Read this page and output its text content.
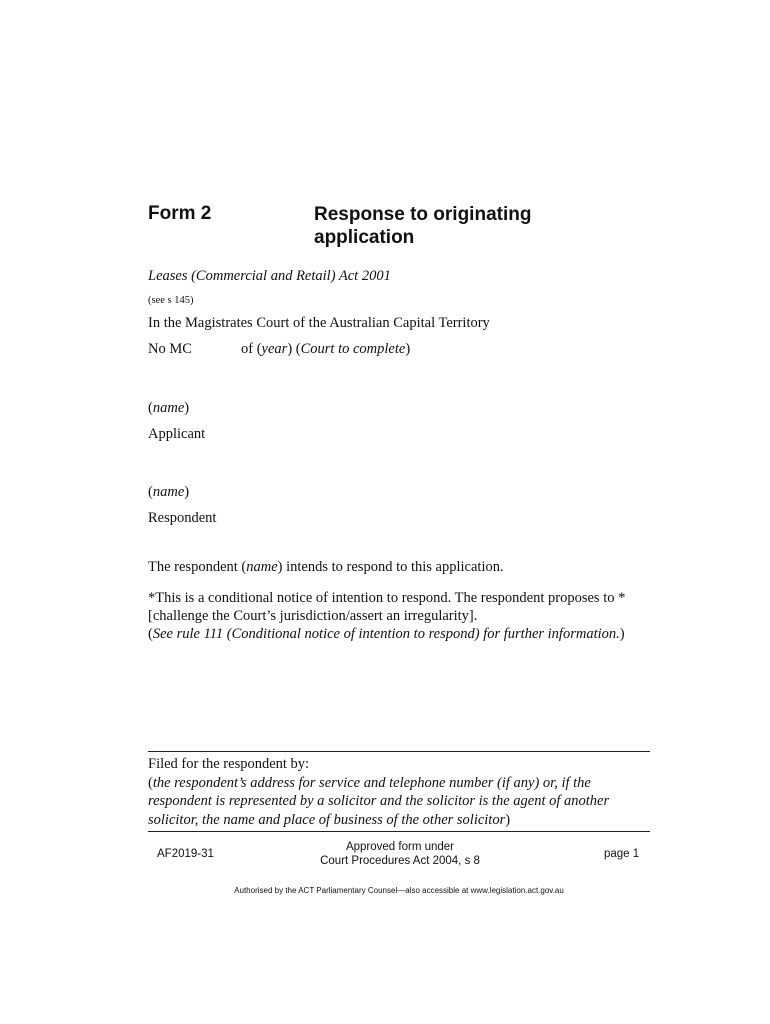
Form 2	Response to originating application
Leases (Commercial and Retail) Act 2001
(see s 145)
In the Magistrates Court of the Australian Capital Territory
No MC	of (year) (Court to complete)
(name)
Applicant
(name)
Respondent
The respondent (name) intends to respond to this application.
*This is a conditional notice of intention to respond. The respondent proposes to *[challenge the Court’s jurisdiction/assert an irregularity].
(See rule 111 (Conditional notice of intention to respond) for further information.)
Filed for the respondent by:
(the respondent’s address for service and telephone number (if any) or, if the respondent is represented by a solicitor and the solicitor is the agent of another solicitor, the name and place of business of the other solicitor)
AF2019-31
Approved form under
Court Procedures Act 2004, s 8
page 1
Authorised by the ACT Parliamentary Counsel—also accessible at www.legislation.act.gov.au
